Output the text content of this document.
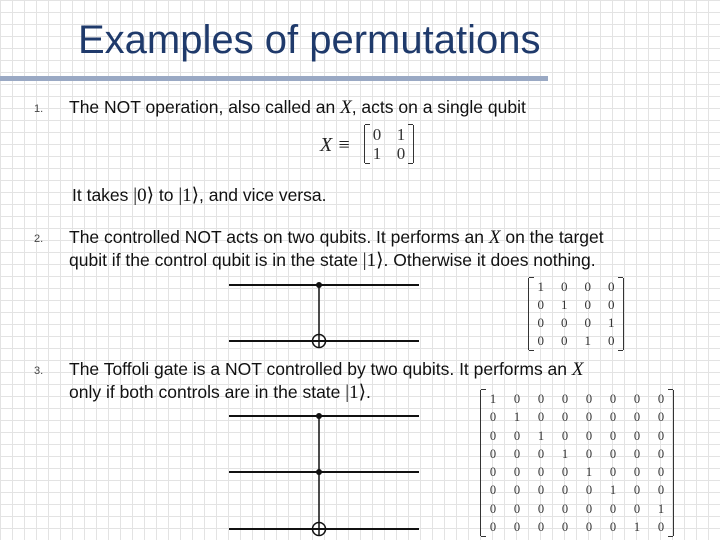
Examples of permutations
1. The NOT operation, also called an X, acts on a single qubit
X ≡	0 1
1 0
It takes |0⟩ to |1⟩, and vice versa.
2. The controlled NOT acts on two qubits. It performs an X on the target
qubit if the control qubit is in the state |1⟩. Otherwise it does nothing.
1	0	0	0
0	1	0	0
0	0	0	1
0	0	1	0
3. The Toffoli gate is a NOT controlled by two qubits. It performs an X
only if both controls are in the state |1⟩.	1	0	0	0	0	0	0	0
0	1	0	0	0	0	0	0
0	0	1	0	0	0	0	0
0	0	0	1	0	0	0	0
0	0	0	0	1	0	0	0
0	0	0	0	0	1	0	0
0	0	0	0	0	0	0	1
0	0	0	0	0	0	1	0
